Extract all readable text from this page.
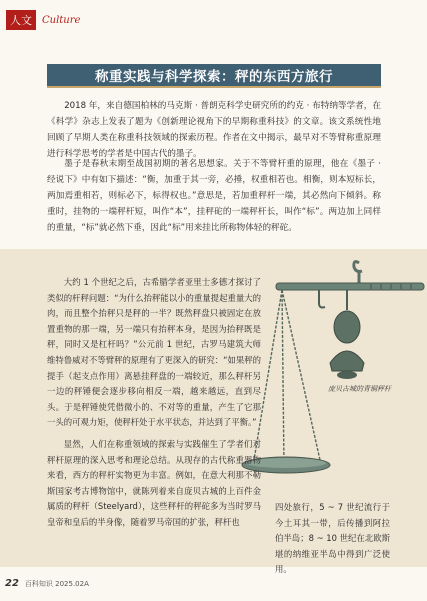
人文	Culture
称重实践与科学探索：秤的东西方旅行

2018 年，来自德国柏林的马克斯 · 普朗克科学史研究所的约克 · 布特纳等学者，在《科学》杂志上发表了题为《创新理论视角下的早期称重科技》的文章。该文系统性地回顾了早期人类在称重科技领域的探索历程。作者在文中揭示，最早对不等臂称重原理进行科学思考的学者是中国古代的墨子。

墨子是春秋末期至战国初期的著名思想家。关于不等臂杆重的原理，他在《墨子 · 经说下》中有如下描述：“衡，加重于其一旁，必捶，权重相若也。相衡，则本短标长，两加焉重相若，则标必下，标得权也。”意思是，若加重秤杆一端，其必然向下倾斜。称重时，挂物的一端秤杆短，叫作“本”，挂秤砣的一端秤杆长，叫作“标”。两边加上同样的重量，“标”就必然下垂，因此“标”用来挂比所称物体轻的秤砣。

庞贝古城的青铜秤杆

大约 1 个世纪之后，古希腊学者亚里士多德才探讨了类似的杆秤问题：“为什么抬秤能以小的重量提起重量大的肉，而且整个抬秤只是秤的一半？既然秤盘只被固定在放置重物的那一端，另一端只有抬秤本身，是因为抬秤既是秤，同时又是杠杆吗？”公元前 1 世纪，古罗马建筑大师维特鲁威对不等臂秤的原理有了更深入的研究：“如果秤的提手（起支点作用）离悬挂秤盘的一端较近，那么秤杆另一边的秤锤便会逐步移向相反一端，越来越远，直到尽头。于是秤锤使凭借微小的、不对等的重量，产生了它那一头的可观力矩，使秤杆处于水平状态，并达到了平衡。”

显然，人们在称重领域的探索与实践催生了学者们对秤杆原理的深入思考和理论总结。从现存的古代称重器物来看，西方的秤杆实物更为丰富。例如，在意大利那不勒斯国家考古博物馆中，就陈列着来自庞贝古城的上百件金属质的秤杆（Steelyard），这些秤杆的秤砣多为当时罗马皇帝和皇后的半身像，随着罗马帝国的扩张，秤杆也

四处旅行，5 ~ 7 世纪流行于今土耳其一带，后传播到阿拉伯半岛；8 ~ 10 世纪在北欧斯堪的纳维亚半岛中得到广泛使用。

22 百科知识 2025.02A
